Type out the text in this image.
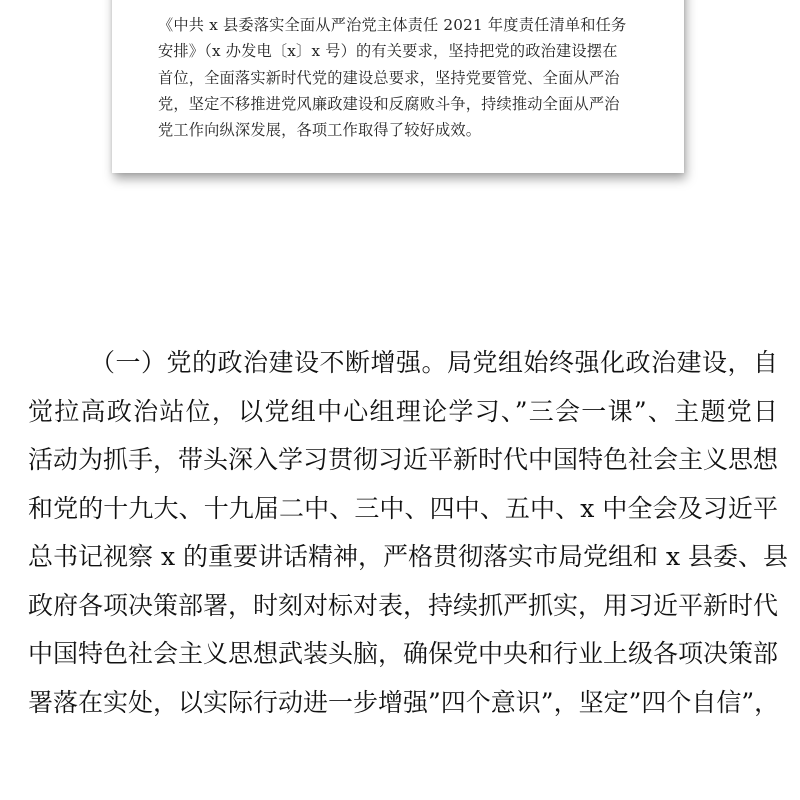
《中共 x 县委落实全面从严治党主体责任 2021 年度责任清单和任务
安排》（x 办发电〔x〕x 号）的有关要求，坚持把党的政治建设摆在
首位，全面落实新时代党的建设总要求，坚持党要管党、全面从严治
党，坚定不移推进党风廉政建设和反腐败斗争，持续推动全面从严治
党工作向纵深发展，各项工作取得了较好成效。
（一）党的政治建设不断增强。局党组始终强化政治建设，自
觉拉高政治站位，以党组中心组理论学习、”三会一课”、主题党日
活动为抓手，带头深入学习贯彻习近平新时代中国特色社会主义思想
和党的十九大、十九届二中、三中、四中、五中、x 中全会及习近平
总书记视察 x 的重要讲话精神，严格贯彻落实市局党组和 x 县委、县
政府各项决策部署，时刻对标对表，持续抓严抓实，用习近平新时代
中国特色社会主义思想武装头脑，确保党中央和行业上级各项决策部
署落在实处，以实际行动进一步增强”四个意识”，坚定”四个自信”，
